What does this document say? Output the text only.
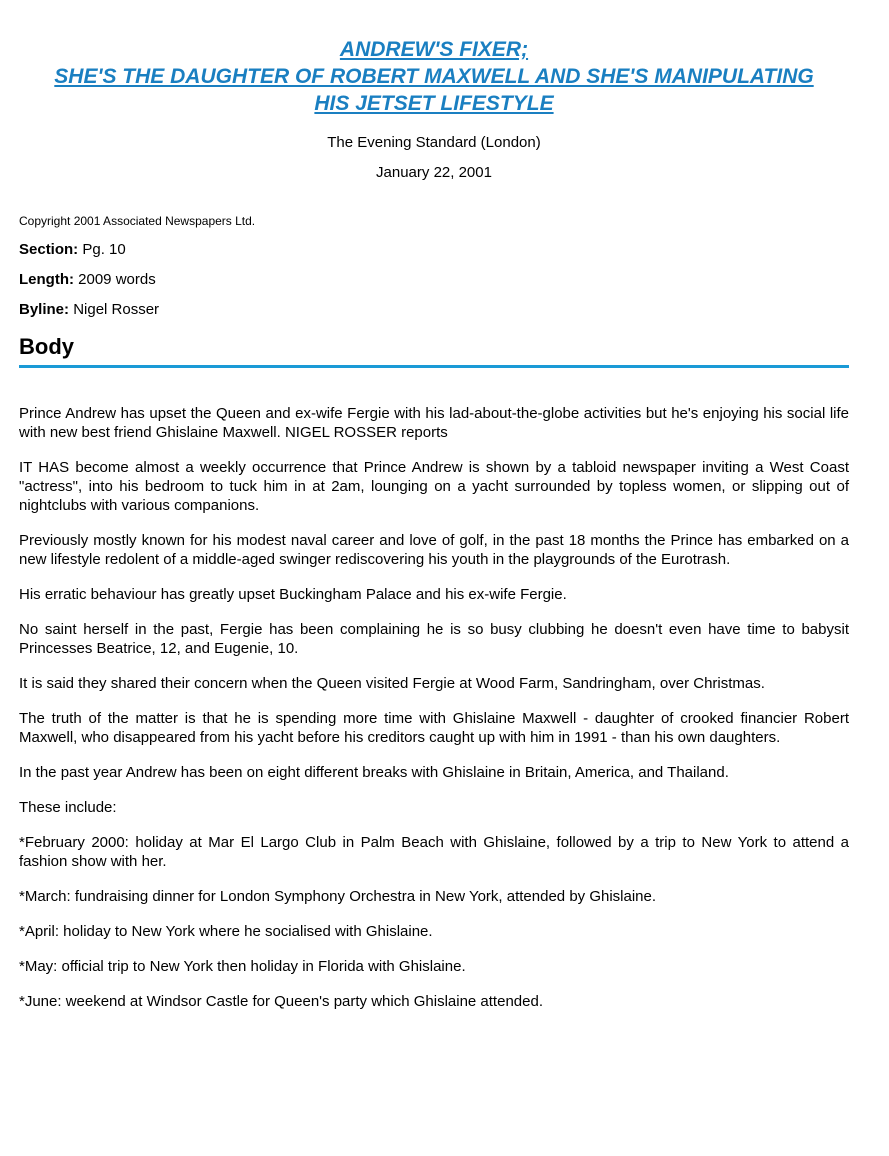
ANDREW'S FIXER;
SHE'S THE DAUGHTER OF ROBERT MAXWELL AND SHE'S MANIPULATING
HIS JETSET LIFESTYLE
The Evening Standard (London)
January 22, 2001
Copyright 2001 Associated Newspapers Ltd.
Section: Pg. 10
Length: 2009 words
Byline: Nigel Rosser
Body

Prince Andrew has upset the Queen and ex-wife Fergie with his lad-about-the-globe activities but he's enjoying his social life with new best friend Ghislaine Maxwell. NIGEL ROSSER reports

IT HAS become almost a weekly occurrence that Prince Andrew is shown by a tabloid newspaper inviting a West Coast "actress", into his bedroom to tuck him in at 2am, lounging on a yacht surrounded by topless women, or slipping out of nightclubs with various companions.

Previously mostly known for his modest naval career and love of golf, in the past 18 months the Prince has embarked on a new lifestyle redolent of a middle-aged swinger rediscovering his youth in the playgrounds of the Eurotrash.

His erratic behaviour has greatly upset Buckingham Palace and his ex-wife Fergie.

No saint herself in the past, Fergie has been complaining he is so busy clubbing he doesn't even have time to babysit Princesses Beatrice, 12, and Eugenie, 10.

It is said they shared their concern when the Queen visited Fergie at Wood Farm, Sandringham, over Christmas.

The truth of the matter is that he is spending more time with Ghislaine Maxwell - daughter of crooked financier Robert Maxwell, who disappeared from his yacht before his creditors caught up with him in 1991 - than his own daughters.

In the past year Andrew has been on eight different breaks with Ghislaine in Britain, America, and Thailand.

These include:

*February 2000: holiday at Mar El Largo Club in Palm Beach with Ghislaine, followed by a trip to New York to attend a fashion show with her.

*March: fundraising dinner for London Symphony Orchestra in New York, attended by Ghislaine.

*April: holiday to New York where he socialised with Ghislaine.

*May: official trip to New York then holiday in Florida with Ghislaine.

*June: weekend at Windsor Castle for Queen's party which Ghislaine attended.
